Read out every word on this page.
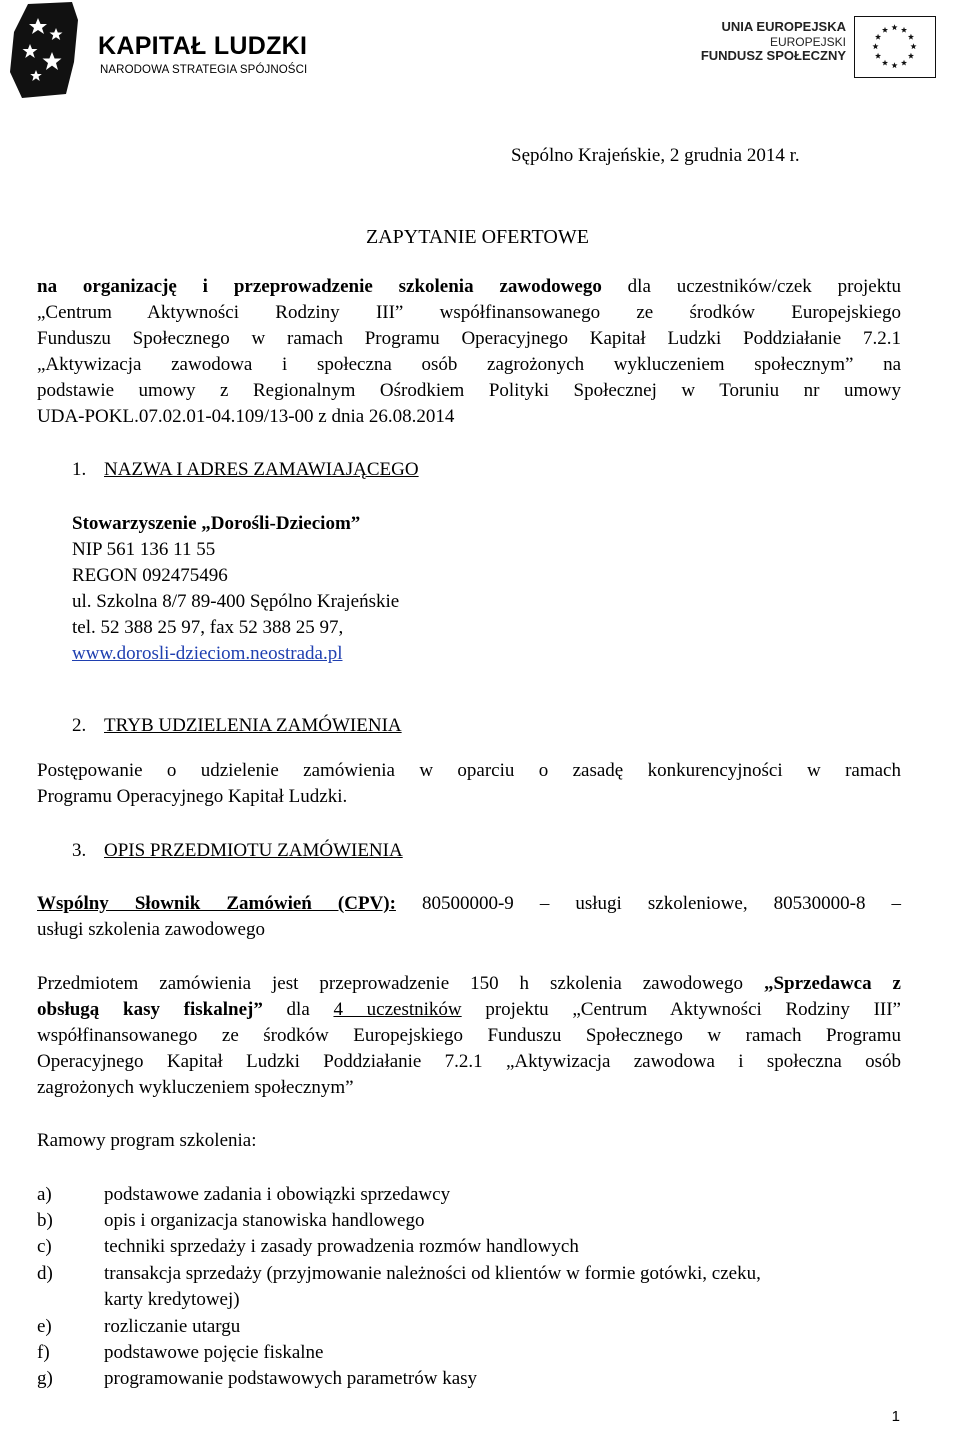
KAPITAŁ LUDZKI
NARODOWA STRATEGIA SPÓJNOŚCI
UNIA EUROPEJSKA
EUROPEJSKI
FUNDUSZ SPOŁECZNY
Sępólno Krajeńskie, 2 grudnia 2014 r.
ZAPYTANIE OFERTOWE
na organizację i przeprowadzenie szkolenia zawodowego dla uczestników/czek projektu
„Centrum Aktywności Rodziny III” współfinansowanego ze środków Europejskiego
Funduszu Społecznego w ramach Programu Operacyjnego Kapitał Ludzki Poddziałanie 7.2.1
„Aktywizacja zawodowa i społeczna osób zagrożonych wykluczeniem społecznym” na
podstawie umowy z Regionalnym Ośrodkiem Polityki Społecznej w Toruniu nr umowy
UDA-POKL.07.02.01-04.109/13-00 z dnia 26.08.2014
1. NAZWA I ADRES ZAMAWIAJĄCEGO
Stowarzyszenie „Dorośli-Dzieciom”
NIP 561 136 11 55
REGON 092475496
ul. Szkolna 8/7 89-400 Sępólno Krajeńskie
tel. 52 388 25 97, fax 52 388 25 97,
www.dorosli-dzieciom.neostrada.pl
2. TRYB UDZIELENIA ZAMÓWIENIA
Postępowanie o udzielenie zamówienia w oparciu o zasadę konkurencyjności w ramach
Programu Operacyjnego Kapitał Ludzki.
3. OPIS PRZEDMIOTU ZAMÓWIENIA
Wspólny Słownik Zamówień (CPV): 80500000-9 – usługi szkoleniowe, 80530000-8 –
usługi szkolenia zawodowego
Przedmiotem zamówienia jest przeprowadzenie 150 h szkolenia zawodowego „Sprzedawca z
obsługą kasy fiskalnej” dla 4 uczestników projektu „Centrum Aktywności Rodziny III”
współfinansowanego ze środków Europejskiego Funduszu Społecznego w ramach Programu
Operacyjnego Kapitał Ludzki Poddziałanie 7.2.1 „Aktywizacja zawodowa i społeczna osób
zagrożonych wykluczeniem społecznym”
Ramowy program szkolenia:
a)	podstawowe zadania i obowiązki sprzedawcy
b)	opis i organizacja stanowiska handlowego
c)	techniki sprzedaży i zasady prowadzenia rozmów handlowych
d)	transakcja sprzedaży (przyjmowanie należności od klientów w formie gotówki, czeku,
karty kredytowej)
e)	rozliczanie utargu
f)	podstawowe pojęcie fiskalne
g)	programowanie podstawowych parametrów kasy
1
